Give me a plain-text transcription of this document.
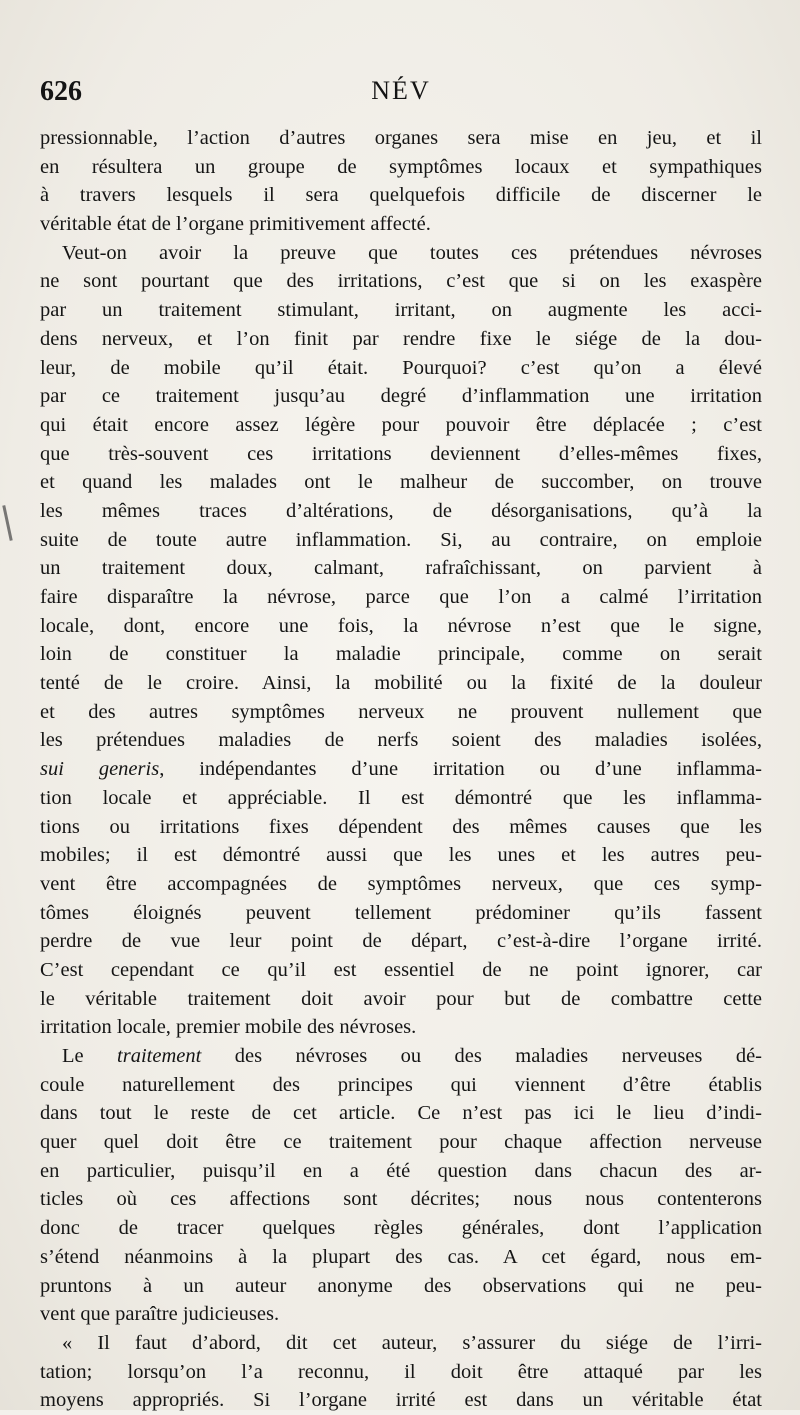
626	NÉV
pressionnable, l’action d’autres organes sera mise en jeu, et il
en résultera un groupe de symptômes locaux et sympathiques
à travers lesquels il sera quelquefois difficile de discerner le
véritable état de l’organe primitivement affecté.
Veut-on avoir la preuve que toutes ces prétendues névroses
ne sont pourtant que des irritations, c’est que si on les exaspère
par un traitement stimulant, irritant, on augmente les acci-
dens nerveux, et l’on finit par rendre fixe le siége de la dou-
leur, de mobile qu’il était. Pourquoi? c’est qu’on a élevé
par ce traitement jusqu’au degré d’inflammation une irritation
qui était encore assez légère pour pouvoir être déplacée ; c’est
que très-souvent ces irritations deviennent d’elles-mêmes fixes,
et quand les malades ont le malheur de succomber, on trouve
les mêmes traces d’altérations, de désorganisations, qu’à la
suite de toute autre inflammation. Si, au contraire, on emploie
un traitement doux, calmant, rafraîchissant, on parvient à
faire disparaître la névrose, parce que l’on a calmé l’irritation
locale, dont, encore une fois, la névrose n’est que le signe,
loin de constituer la maladie principale, comme on serait
tenté de le croire. Ainsi, la mobilité ou la fixité de la douleur
et des autres symptômes nerveux ne prouvent nullement que
les prétendues maladies de nerfs soient des maladies isolées,
sui generis, indépendantes d’une irritation ou d’une inflamma-
tion locale et appréciable. Il est démontré que les inflamma-
tions ou irritations fixes dépendent des mêmes causes que les
mobiles; il est démontré aussi que les unes et les autres peu-
vent être accompagnées de symptômes nerveux, que ces symp-
tômes éloignés peuvent tellement prédominer qu’ils fassent
perdre de vue leur point de départ, c’est-à-dire l’organe irrité.
C’est cependant ce qu’il est essentiel de ne point ignorer, car
le véritable traitement doit avoir pour but de combattre cette
irritation locale, premier mobile des névroses.
Le traitement des névroses ou des maladies nerveuses dé-
coule naturellement des principes qui viennent d’être établis
dans tout le reste de cet article. Ce n’est pas ici le lieu d’indi-
quer quel doit être ce traitement pour chaque affection nerveuse
en particulier, puisqu’il en a été question dans chacun des ar-
ticles où ces affections sont décrites; nous nous contenterons
donc de tracer quelques règles générales, dont l’application
s’étend néanmoins à la plupart des cas. A cet égard, nous em-
pruntons à un auteur anonyme des observations qui ne peu-
vent que paraître judicieuses.
« Il faut d’abord, dit cet auteur, s’assurer du siége de l’irri-
tation; lorsqu’on l’a reconnu, il doit être attaqué par les
moyens appropriés. Si l’organe irrité est dans un véritable état
